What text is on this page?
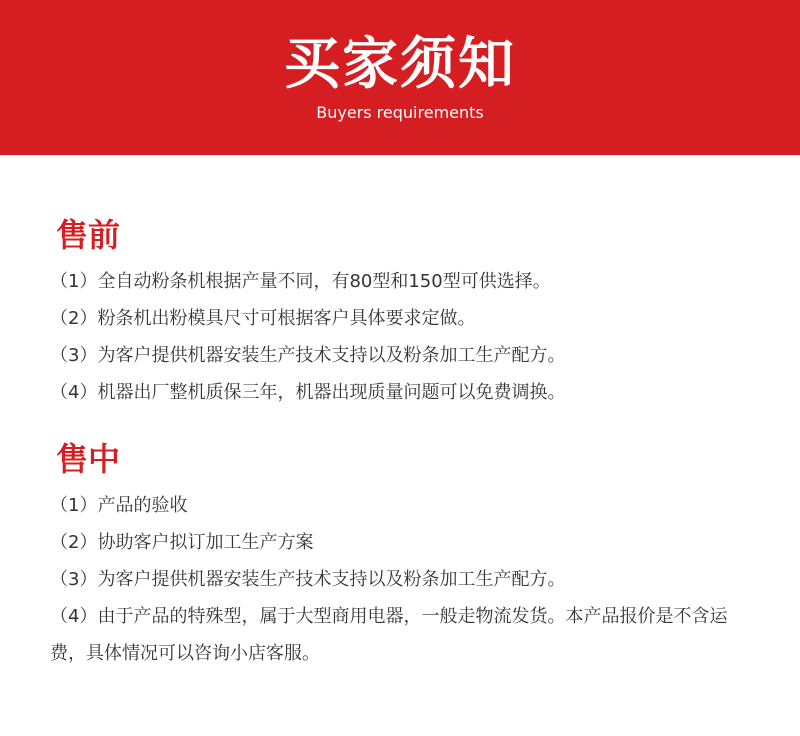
买家须知
Buyers requirements
售前

（1）全自动粉条机根据产量不同，有80型和150型可供选择。

（2）粉条机出粉模具尺寸可根据客户具体要求定做。

（3）为客户提供机器安装生产技术支持以及粉条加工生产配方。

（4）机器出厂整机质保三年，机器出现质量问题可以免费调换。

售中

（1）产品的验收

（2）协助客户拟订加工生产方案

（3）为客户提供机器安装生产技术支持以及粉条加工生产配方。

（4）由于产品的特殊型，属于大型商用电器，一般走物流发货。本产品报价是不含运费，具体情况可以咨询小店客服。
